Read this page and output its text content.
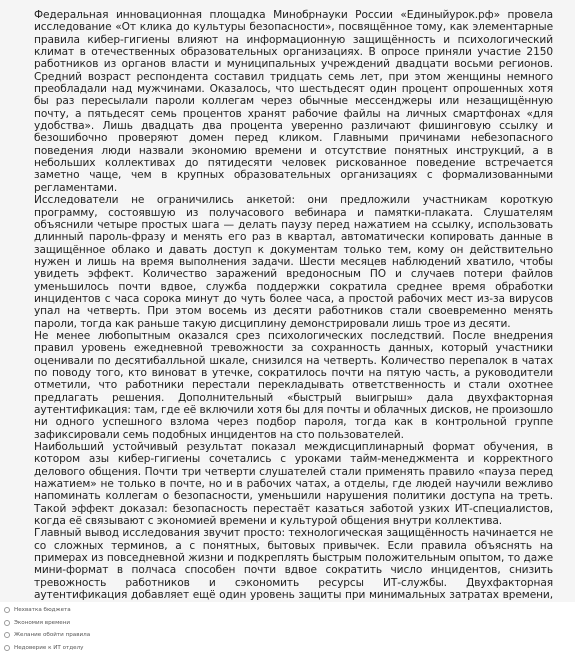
Федеральная инновационная площадка Минобрнауки России «Единыйурок.рф» провела исследование «От клика до культуры безопасности», посвящённое тому, как элементарные правила кибер-гигиены влияют на информационную защищённость и психологический климат в отечественных образовательных организациях. В опросе приняли участие 2150 работников из органов власти и муниципальных учреждений двадцати восьми регионов. Средний возраст респондента составил тридцать семь лет, при этом женщины немного преобладали над мужчинами. Оказалось, что шестьдесят один процент опрошенных хотя бы раз пересылали пароли коллегам через обычные мессенджеры или незащищённую почту, а пятьдесят семь процентов хранят рабочие файлы на личных смартфонах «для удобства». Лишь двадцать два процента уверенно различают фишинговую ссылку и безошибочно проверяют домен перед кликом. Главными причинами небезопасного поведения люди назвали экономию времени и отсутствие понятных инструкций, а в небольших коллективах до пятидесяти человек рискованное поведение встречается заметно чаще, чем в крупных образовательных организациях с формализованными регламентами.

Исследователи не ограничились анкетой: они предложили участникам короткую программу, состоявшую из получасового вебинара и памятки-плаката. Слушателям объяснили четыре простых шага — делать паузу перед нажатием на ссылку, использовать длинный пароль-фразу и менять его раз в квартал, автоматически копировать данные в защищённое облако и давать доступ к документам только тем, кому он действительно нужен и лишь на время выполнения задачи. Шести месяцев наблюдений хватило, чтобы увидеть эффект. Количество заражений вредоносным ПО и случаев потери файлов уменьшилось почти вдвое, служба поддержки сократила среднее время обработки инцидентов с часа сорока минут до чуть более часа, а простой рабочих мест из-за вирусов упал на четверть. При этом восемь из десяти работников стали своевременно менять пароли, тогда как раньше такую дисциплину демонстрировали лишь трое из десяти.

Не менее любопытным оказался срез психологических последствий. После внедрения правил уровень ежедневной тревожности за сохранность данных, который участники оценивали по десятибалльной шкале, снизился на четверть. Количество перепалок в чатах по поводу того, кто виноват в утечке, сократилось почти на пятую часть, а руководители отметили, что работники перестали перекладывать ответственность и стали охотнее предлагать решения. Дополнительный «быстрый выигрыш» дала двухфакторная аутентификация: там, где её включили хотя бы для почты и облачных дисков, не произошло ни одного успешного взлома через подбор пароля, тогда как в контрольной группе зафиксировали семь подобных инцидентов на сто пользователей.

Наибольший устойчивый результат показал междисциплинарный формат обучения, в котором азы кибер-гигиены сочетались с уроками тайм-менеджмента и корректного делового общения. Почти три четверти слушателей стали применять правило «пауза перед нажатием» не только в почте, но и в рабочих чатах, а отделы, где людей научили вежливо напоминать коллегам о безопасности, уменьшили нарушения политики доступа на треть. Такой эффект доказал: безопасность перестаёт казаться заботой узких ИТ-специалистов, когда её связывают с экономией времени и культурой общения внутри коллектива.

Главный вывод исследования звучит просто: технологическая защищённость начинается не со сложных терминов, а с понятных, бытовых привычек. Если правила объяснять на примерах из повседневной жизни и подкреплять быстрым положительным опытом, то даже мини-формат в полчаса способен почти вдвое сократить число инцидентов, снизить тревожность работников и сэкономить ресурсы ИТ-службы. Двухфакторная аутентификация добавляет ещё один уровень защиты при минимальных затратах времени,

Нехватка бюджета
Экономия времени
Желание обойти правила
Недоверие к ИТ отделу
